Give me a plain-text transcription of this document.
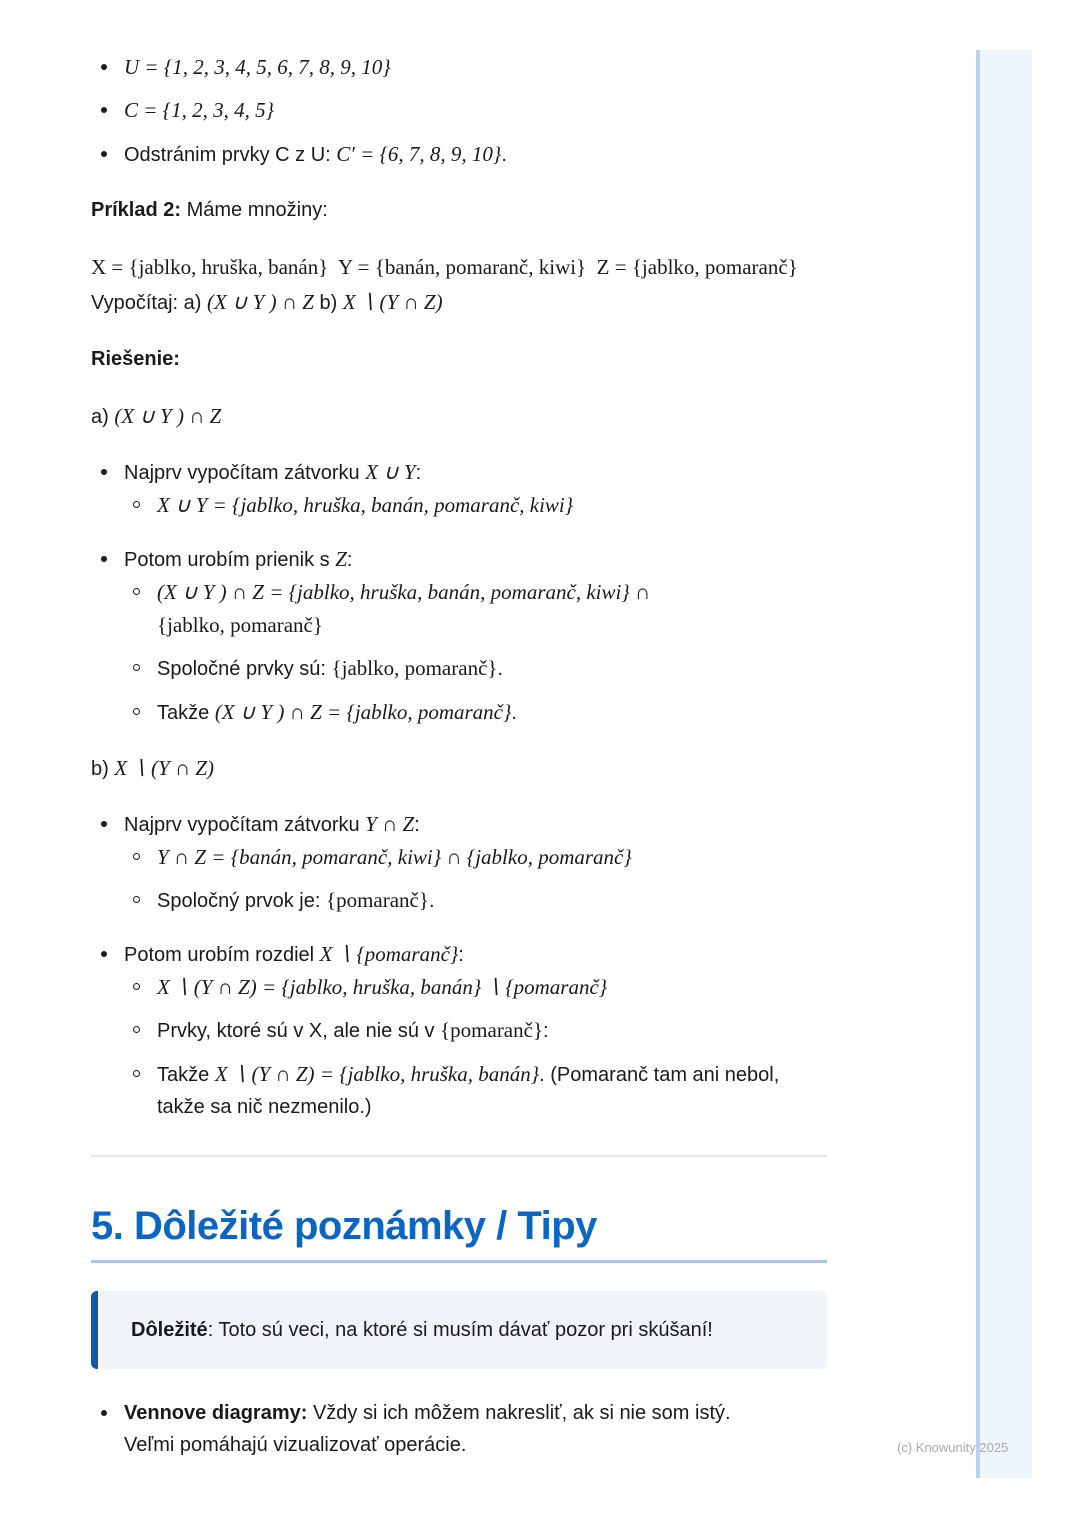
U = {1, 2, 3, 4, 5, 6, 7, 8, 9, 10}
C = {1, 2, 3, 4, 5}
Odstránim prvky C z U: C′ = {6, 7, 8, 9, 10}.
Príklad 2: Máme množiny:
X = {jablko, hruška, banán}  Y = {banán, pomaranč, kiwi}  Z = {jablko, pomaranč}
Vypočítaj: a) (X ∪ Y ) ∩ Z b) X ∖ (Y ∩ Z)
Riešenie:
a) (X ∪ Y ) ∩ Z
Najprv vypočítam zátvorku X ∪ Y:
X ∪ Y = {jablko, hruška, banán, pomaranč, kiwi}
Potom urobím prienik s Z:
(X ∪ Y ) ∩ Z = {jablko, hruška, banán, pomaranč, kiwi} ∩
{jablko, pomaranč}
Spoločné prvky sú: {jablko, pomaranč}.
Takže (X ∪ Y ) ∩ Z = {jablko, pomaranč}.
b) X ∖ (Y ∩ Z)
Najprv vypočítam zátvorku Y ∩ Z:
Y ∩ Z = {banán, pomaranč, kiwi} ∩ {jablko, pomaranč}
Spoločný prvok je: {pomaranč}.
Potom urobím rozdiel X ∖ {pomaranč}:
X ∖ (Y ∩ Z) = {jablko, hruška, banán} ∖ {pomaranč}
Prvky, ktoré sú v X, ale nie sú v {pomaranč}:
Takže X ∖ (Y ∩ Z) = {jablko, hruška, banán}. (Pomaranč tam ani nebol,
takže sa nič nezmenilo.)
5. Dôležité poznámky / Tipy
Dôležité: Toto sú veci, na ktoré si musím dávať pozor pri skúšaní!
Vennove diagramy: Vždy si ich môžem nakresliť, ak si nie som istý.
Veľmi pomáhajú vizualizovať operácie.	(c) Knowunity 2025
